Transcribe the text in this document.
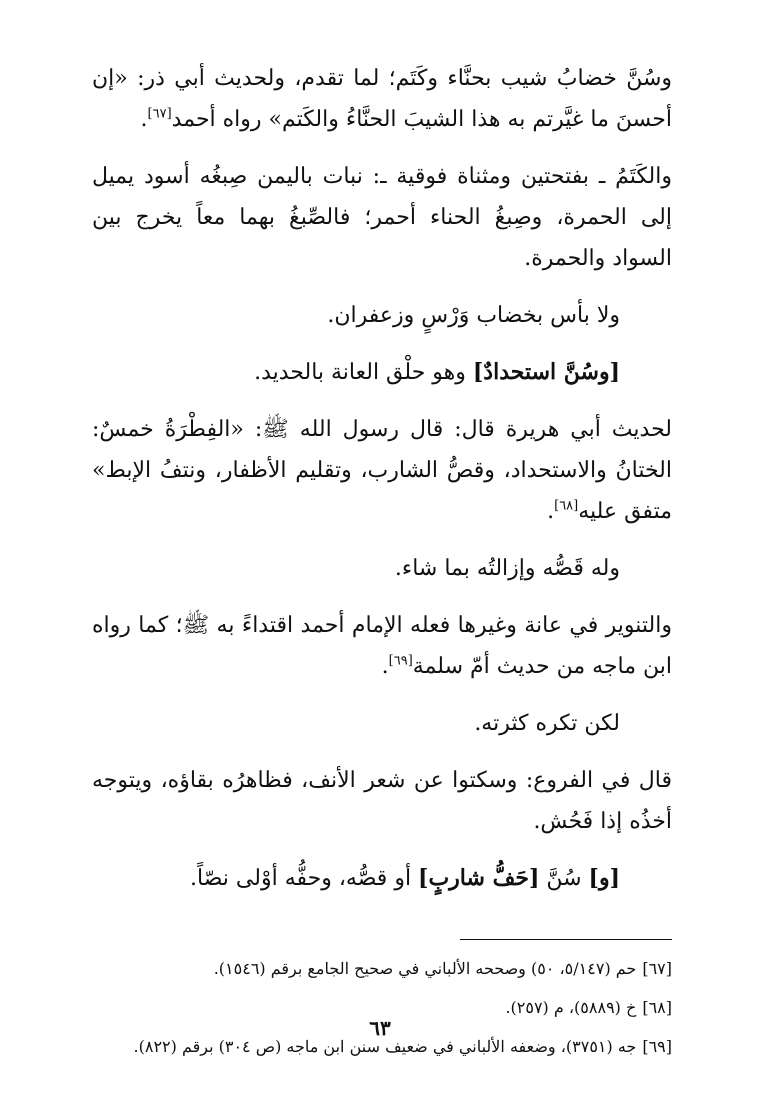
وسُنَّ خضابُ شيب بحنَّاء وكَتَم؛ لما تقدم، ولحديث أبي ذر: «إن أحسنَ ما غيَّرتم به هذا الشيبَ الحنَّاءُ والكَتم» رواه أحمد[٦٧].

والكَتَمُ ـ بفتحتين ومثناة فوقية ـ: نبات باليمن صِبغُه أسود يميل إلى الحمرة، وصِبغُ الحناء أحمر؛ فالصِّبغُ بهما معاً يخرج بين السواد والحمرة.

ولا بأس بخضاب وَرْسٍ وزعفران.

[وسُنَّ استحدادٌ] وهو حلْق العانة بالحديد.

لحديث أبي هريرة قال: قال رسول الله ﷺ: «الفِطْرَةُ خمسٌ: الختانُ والاستحداد، وقصُّ الشارب، وتقليم الأظفار، ونتفُ الإبط» متفق عليه[٦٨].

وله قَصُّه وإزالتُه بما شاء.

والتنوير في عانة وغيرها فعله الإمام أحمد اقتداءً به ﷺ؛ كما رواه ابن ماجه من حديث أمّ سلمة[٦٩].

لكن تكره كثرته.

قال في الفروع: وسكتوا عن شعر الأنف، فظاهرُه بقاؤه، ويتوجه أخذُه إذا فَحُش.

[و] سُنَّ [حَفُّ شاربٍ] أو قصُّه، وحفُّه أوْلى نصّاً.

[٦٧]حم (٥/١٤٧، ٥٠) وصححه الألباني في صحيح الجامع برقم (١٥٤٦).
[٦٨]خ (٥٨٨٩)، م (٢٥٧).
[٦٩]جه (٣٧٥١)، وضعفه الألباني في ضعيف سنن ابن ماجه (ص ٣٠٤) برقم (٨٢٢).
٦٣
